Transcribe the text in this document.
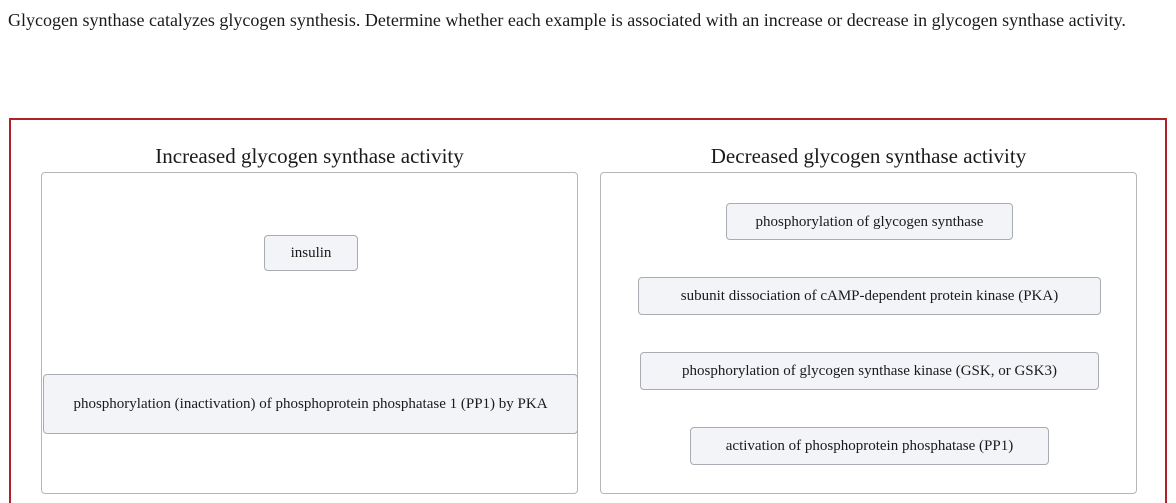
Glycogen synthase catalyzes glycogen synthesis. Determine whether each example is associated with an increase or decrease in glycogen synthase activity.

Increased glycogen synthase activity	Decreased glycogen synthase activity
insulin
phosphorylation (inactivation) of phosphoprotein phosphatase 1 (PP1) by PKA
phosphorylation of glycogen synthase
subunit dissociation of cAMP-dependent protein kinase (PKA)
phosphorylation of glycogen synthase kinase (GSK, or GSK3)
activation of phosphoprotein phosphatase (PP1)
